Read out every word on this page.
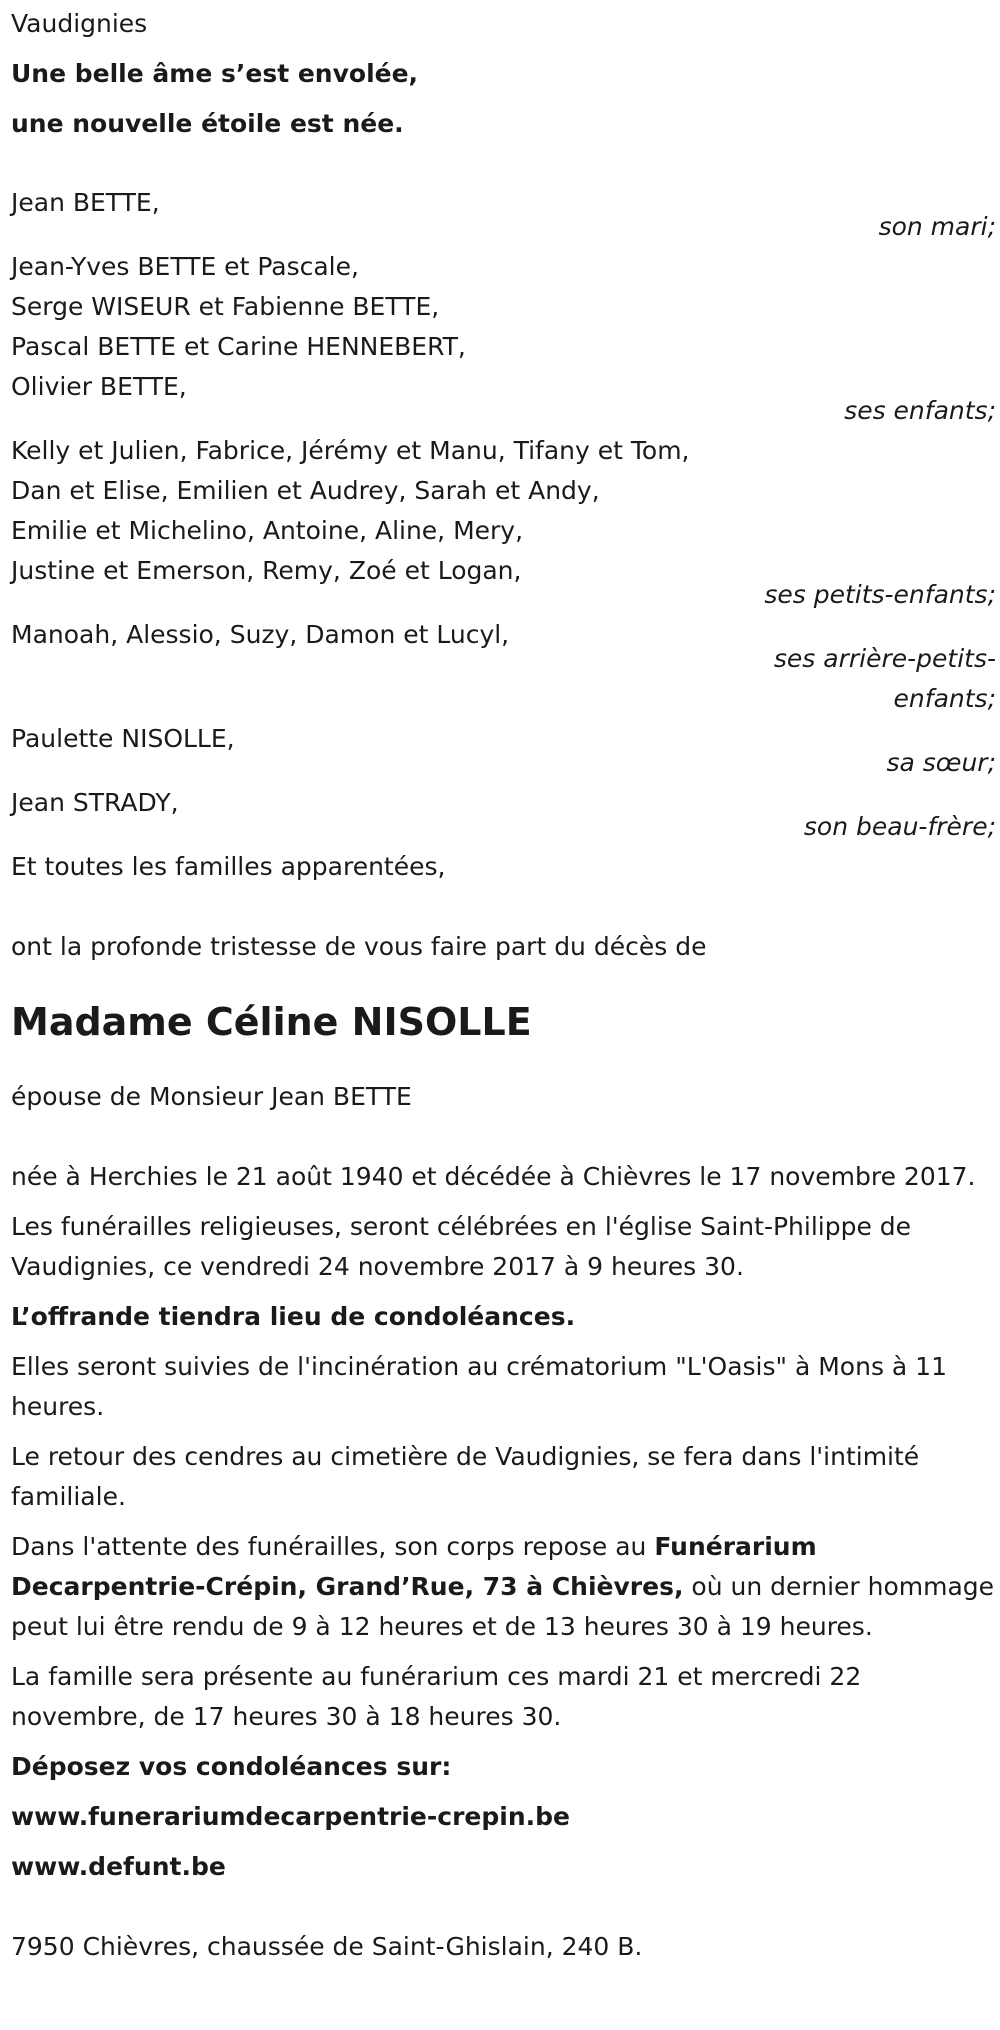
Vaudignies

Une belle âme s’est envolée,

une nouvelle étoile est née.

Jean BETTE,
son mari;
Jean-Yves BETTE et Pascale,
Serge WISEUR et Fabienne BETTE,
Pascal BETTE et Carine HENNEBERT,
Olivier BETTE,
ses enfants;
Kelly et Julien, Fabrice, Jérémy et Manu, Tifany et Tom,
Dan et Elise, Emilien et Audrey, Sarah et Andy,
Emilie et Michelino, Antoine, Aline, Mery,
Justine et Emerson, Remy, Zoé et Logan,
ses petits-enfants;
Manoah, Alessio, Suzy, Damon et Lucyl,
ses arrière-petits-
enfants;
Paulette NISOLLE,
sa sœur;
Jean STRADY,
son beau-frère;
Et toutes les familles apparentées,

ont la profonde tristesse de vous faire part du décès de

Madame Céline NISOLLE

épouse de Monsieur Jean BETTE

née à Herchies le 21 août 1940 et décédée à Chièvres le 17 novembre 2017.

Les funérailles religieuses, seront célébrées en l'église Saint-Philippe de Vaudignies, ce vendredi 24 novembre 2017 à 9 heures 30.

L’offrande tiendra lieu de condoléances.

Elles seront suivies de l'incinération au crématorium "L'Oasis" à Mons à 11 heures.

Le retour des cendres au cimetière de Vaudignies, se fera dans l'intimité familiale.

Dans l'attente des funérailles, son corps repose au Funérarium Decarpentrie-Crépin, Grand’Rue, 73 à Chièvres, où un dernier hommage peut lui être rendu de 9 à 12 heures et de 13 heures 30 à 19 heures.

La famille sera présente au funérarium ces mardi 21 et mercredi 22 novembre, de 17 heures 30 à 18 heures 30.

Déposez vos condoléances sur:

www.funerariumdecarpentrie-crepin.be

www.defunt.be

7950 Chièvres, chaussée de Saint-Ghislain, 240 B.
